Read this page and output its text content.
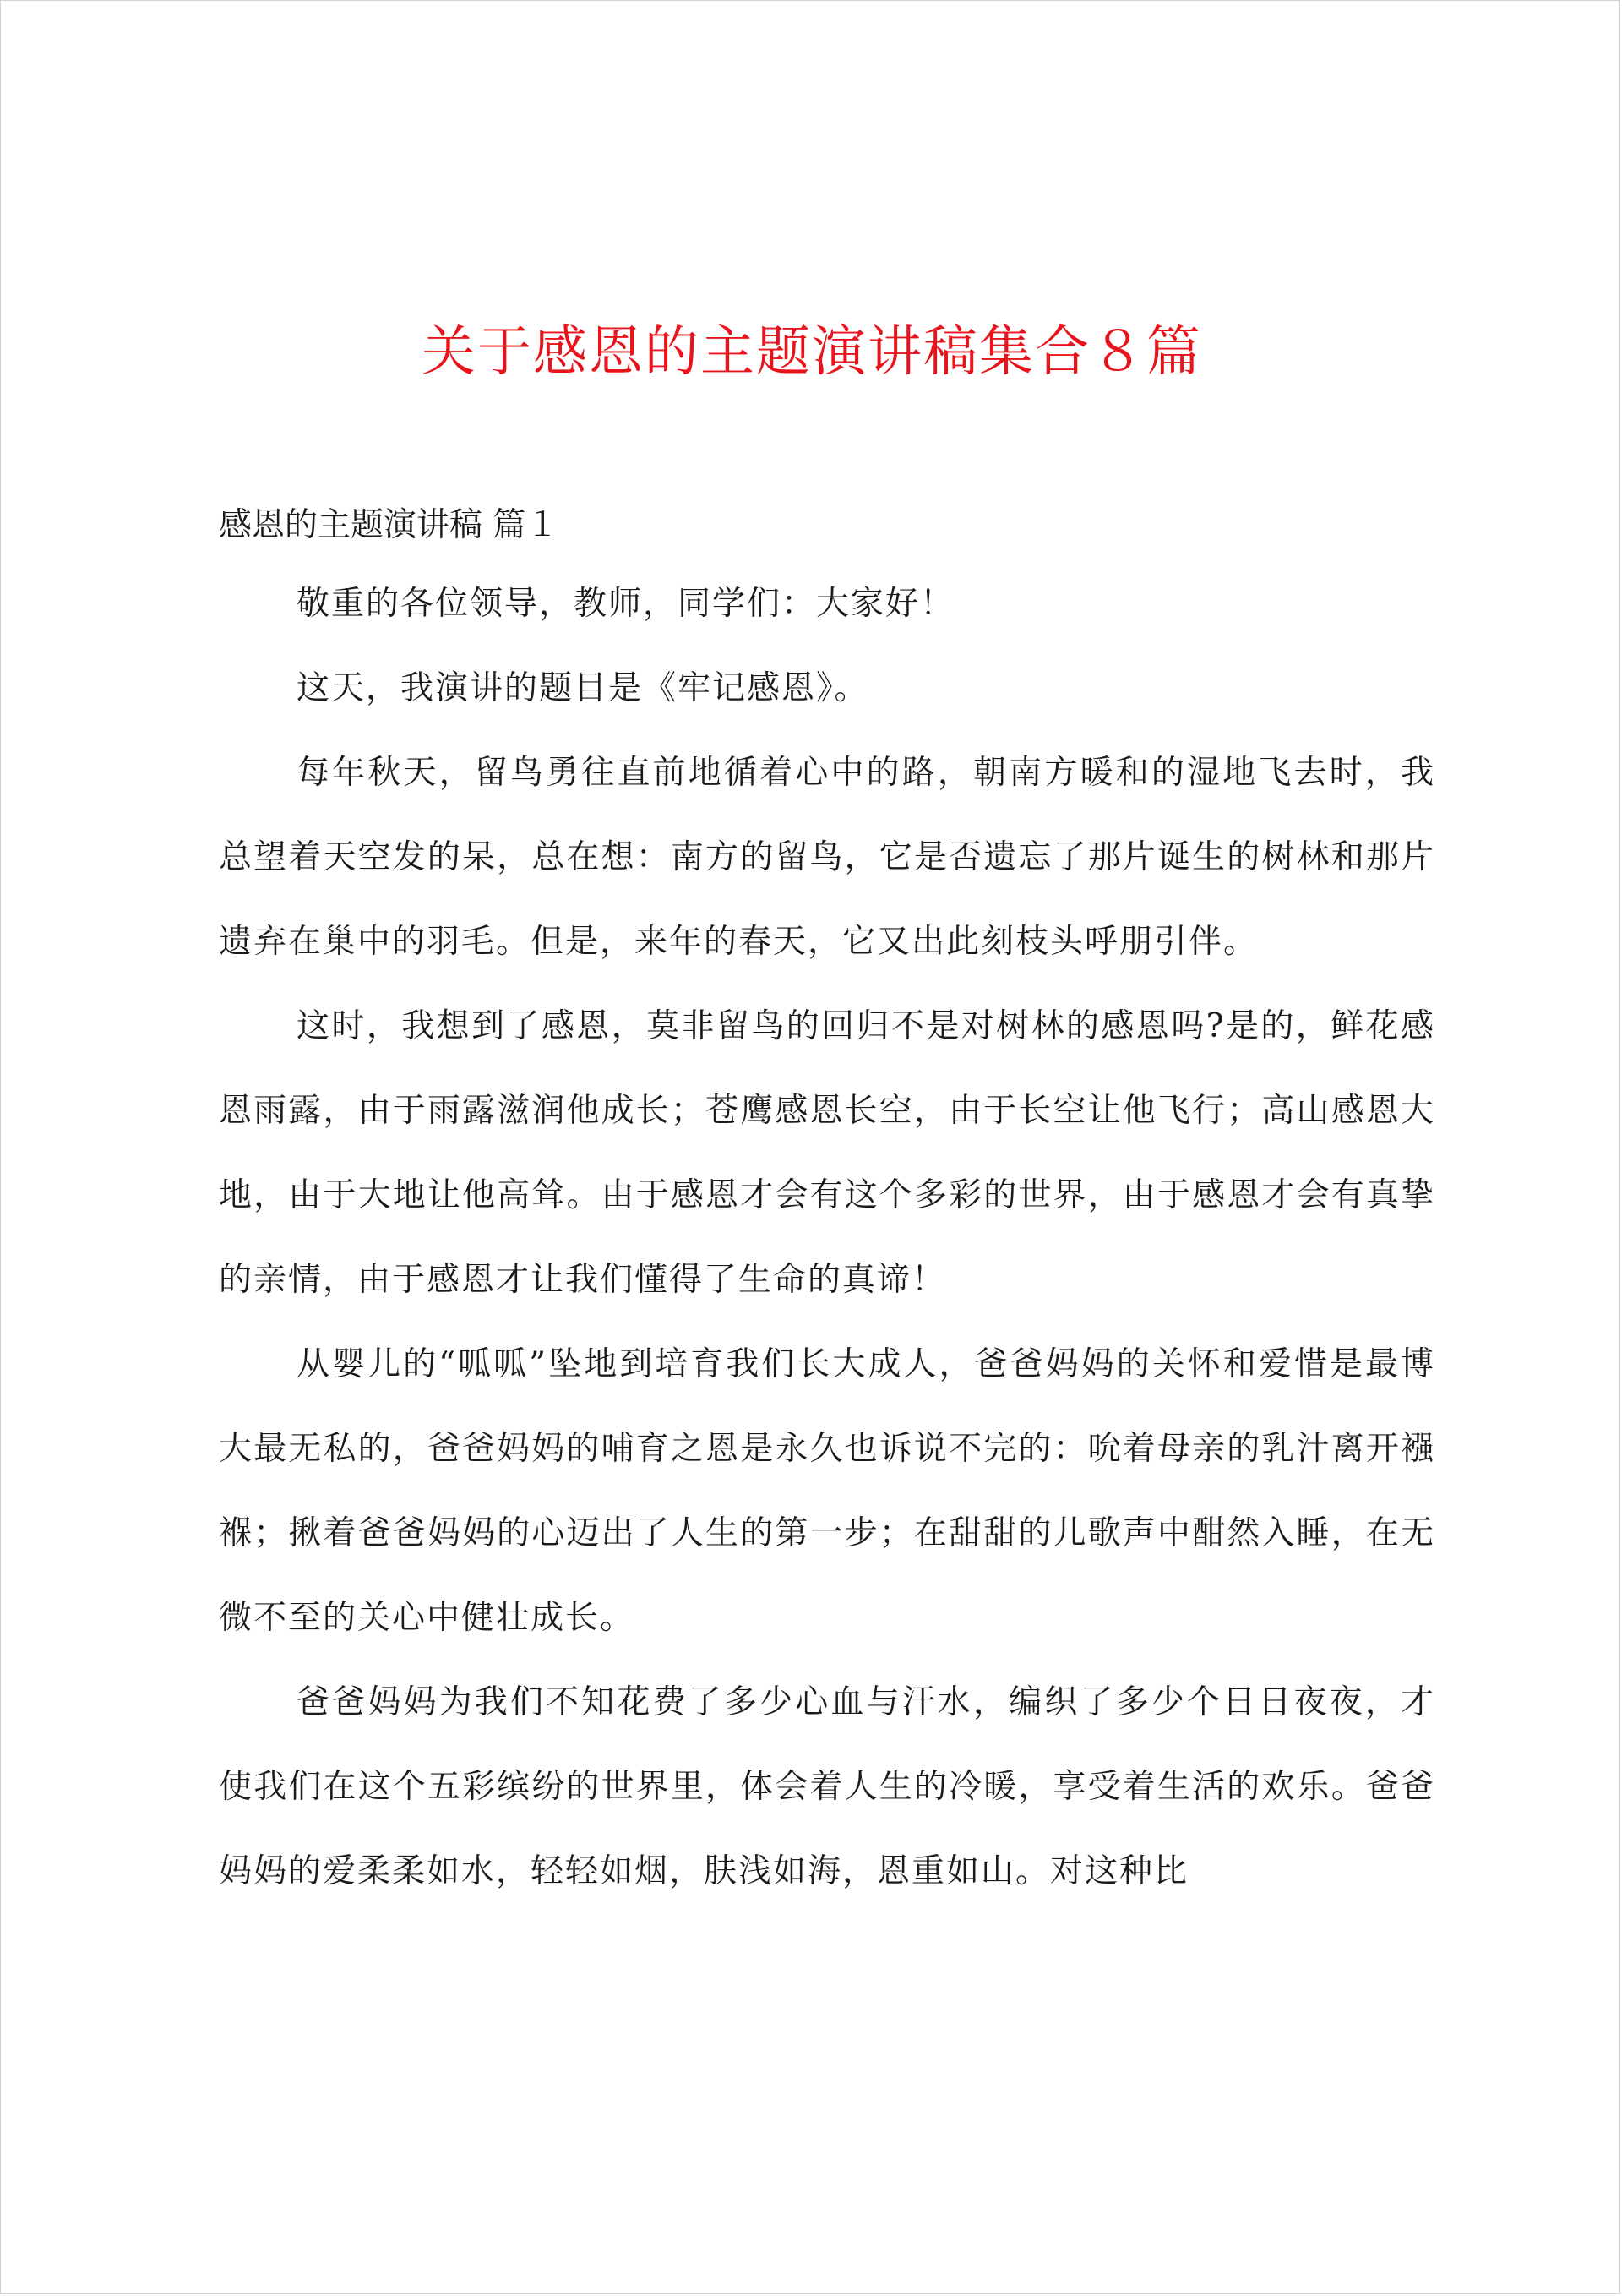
关于感恩的主题演讲稿集合８篇
感恩的主题演讲稿 篇１

敬重的各位领导，教师，同学们：大家好！

这天，我演讲的题目是《牢记感恩》。

每年秋天，留鸟勇往直前地循着心中的路，朝南方暖和的湿地飞去时，我总望着天空发的呆，总在想：南方的留鸟，它是否遗忘了那片诞生的树林和那片遗弃在巢中的羽毛。但是，来年的春天，它又出此刻枝头呼朋引伴。

这时，我想到了感恩，莫非留鸟的回归不是对树林的感恩吗?是的，鲜花感恩雨露，由于雨露滋润他成长；苍鹰感恩长空，由于长空让他飞行；高山感恩大地，由于大地让他高耸。由于感恩才会有这个多彩的世界，由于感恩才会有真挚的亲情，由于感恩才让我们懂得了生命的真谛！

从婴儿的“呱呱”坠地到培育我们长大成人，爸爸妈妈的关怀和爱惜是最博大最无私的，爸爸妈妈的哺育之恩是永久也诉说不完的：吮着母亲的乳汁离开襁褓；揪着爸爸妈妈的心迈出了人生的第一步；在甜甜的儿歌声中酣然入睡，在无微不至的关心中健壮成长。

爸爸妈妈为我们不知花费了多少心血与汗水，编织了多少个日日夜夜，才使我们在这个五彩缤纷的世界里，体会着人生的冷暖，享受着生活的欢乐。爸爸妈妈的爱柔柔如水，轻轻如烟，肤浅如海，恩重如山。对这种比
